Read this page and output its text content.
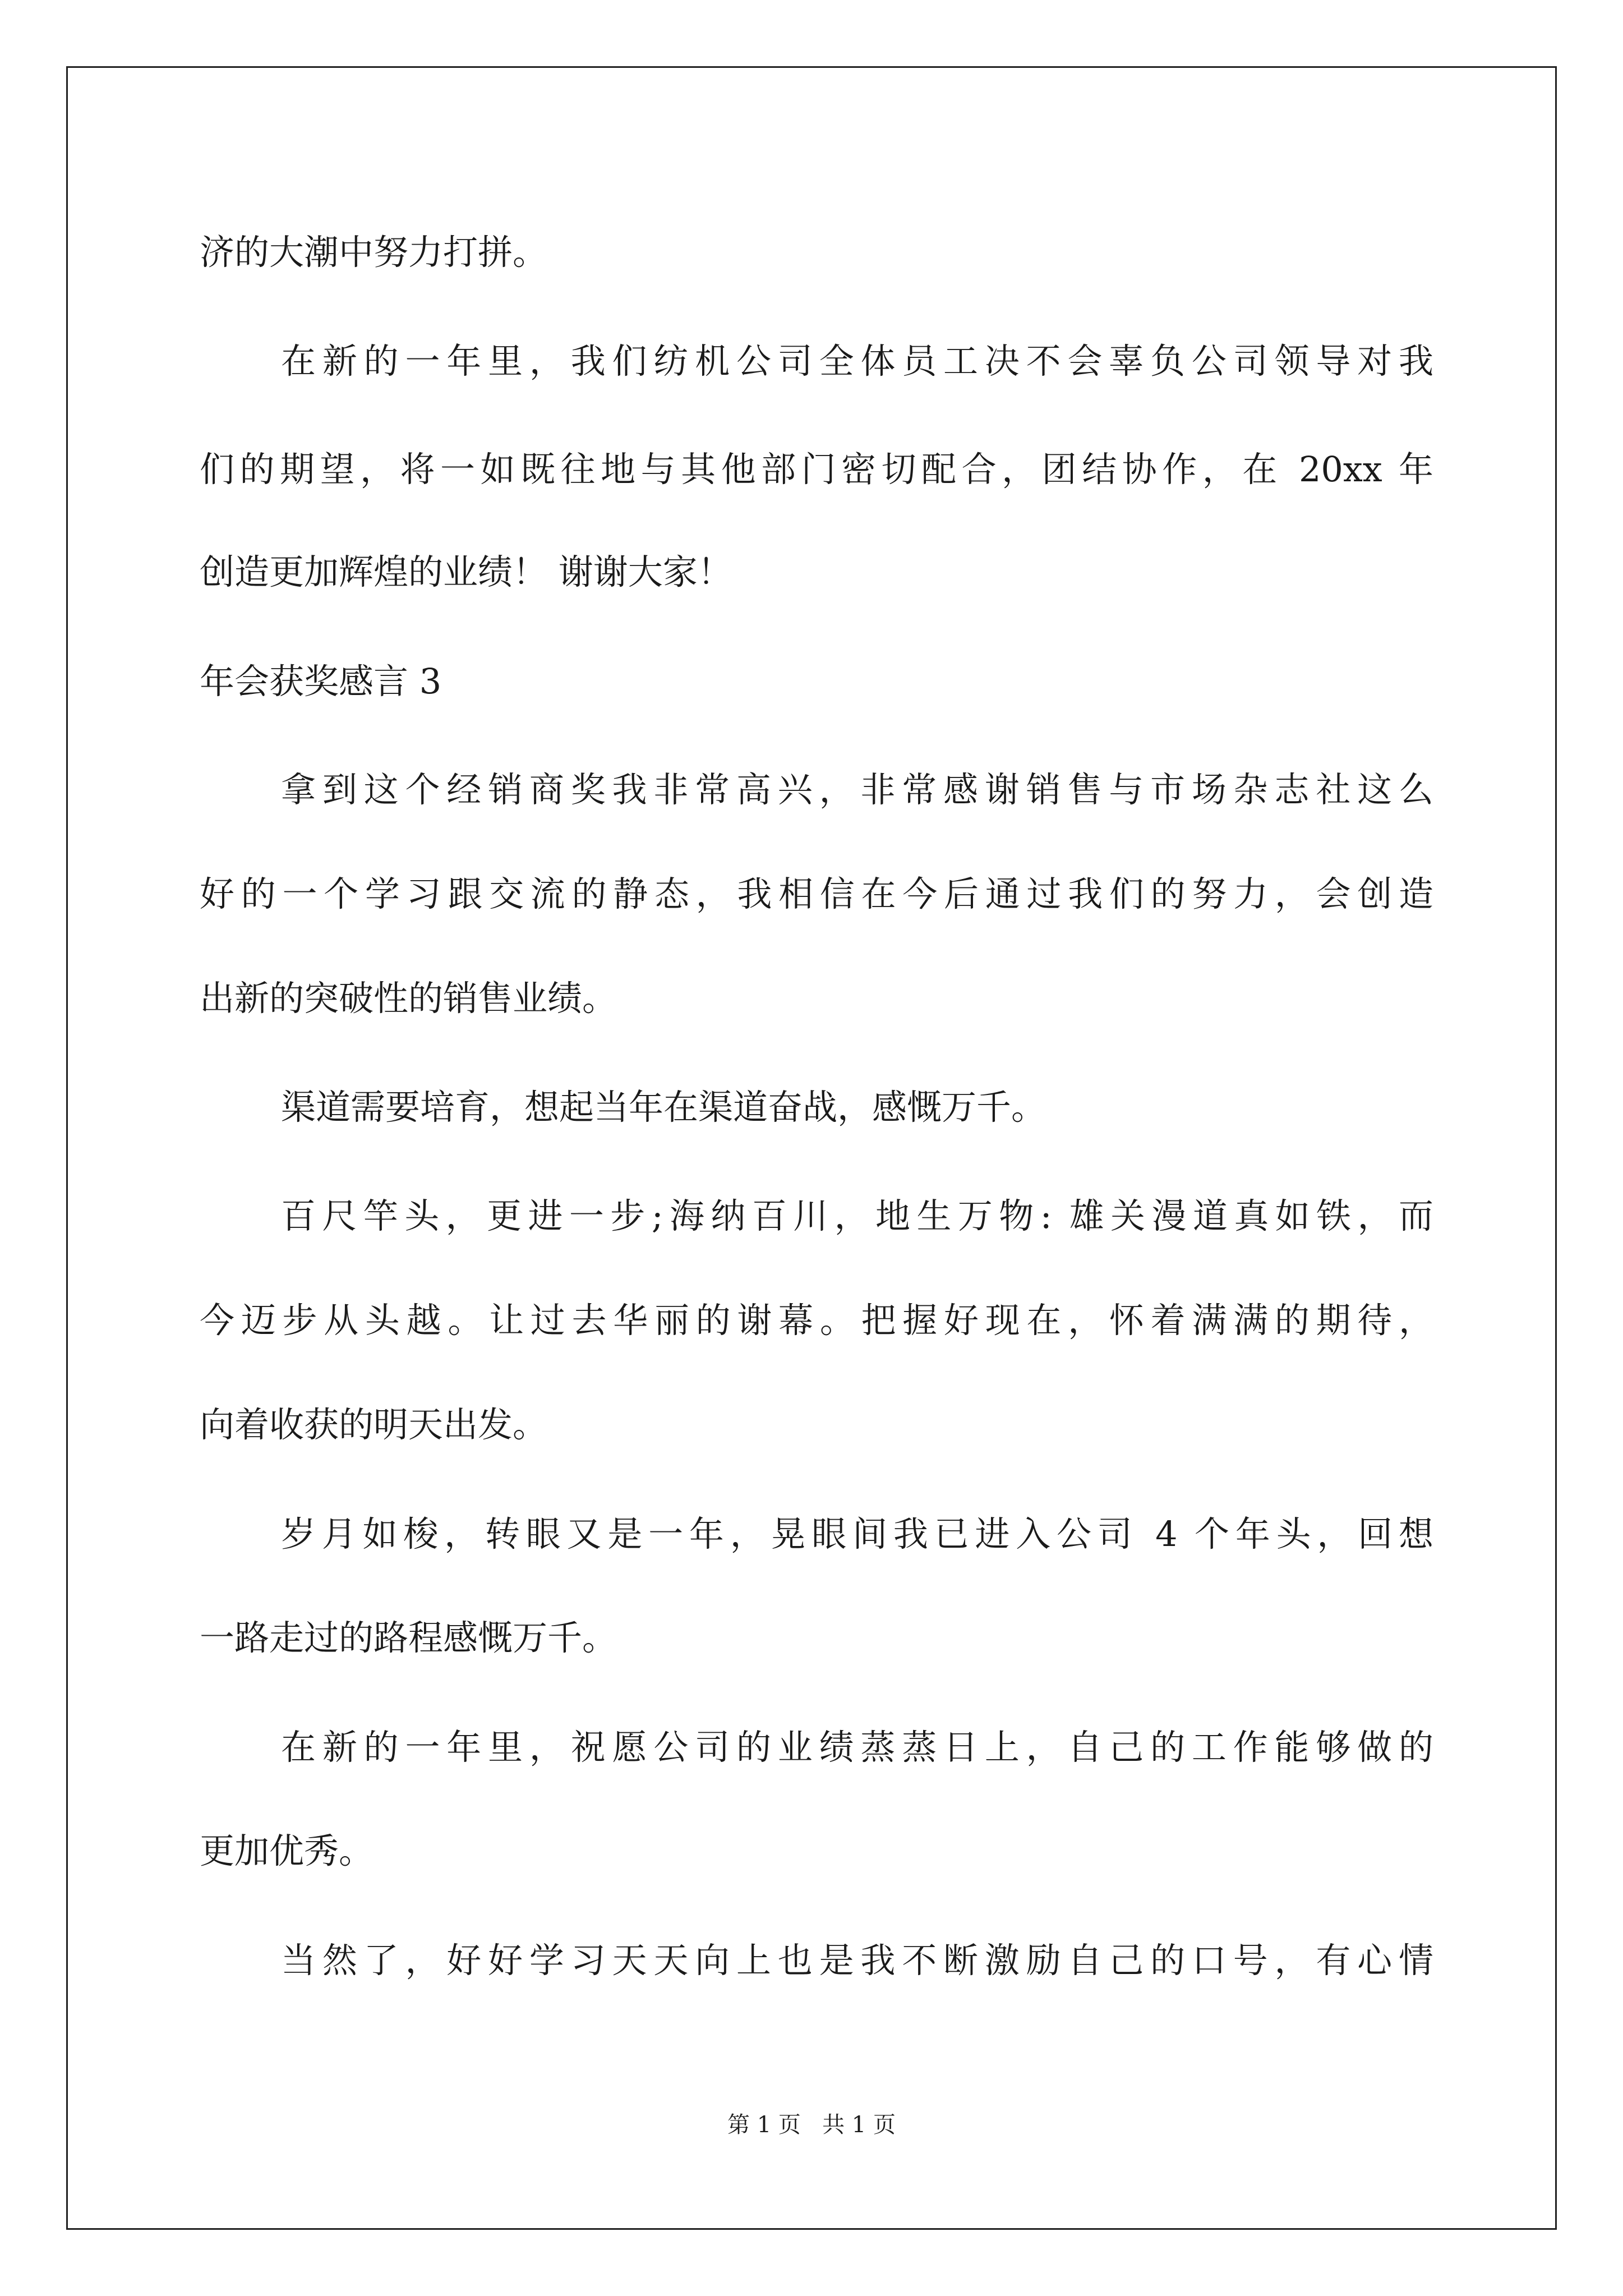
济的大潮中努力打拼。
在新的一年里，我们纺机公司全体员工决不会辜负公司领导对我
们的期望，将一如既往地与其他部门密切配合，团结协作，在 20xx 年
创造更加辉煌的业绩！ 谢谢大家！
年会获奖感言 3
拿到这个经销商奖我非常高兴，非常感谢销售与市场杂志社这么
好的一个学习跟交流的静态，我相信在今后通过我们的努力，会创造
出新的突破性的销售业绩。
渠道需要培育，想起当年在渠道奋战，感慨万千。
百尺竿头，更进一步;海纳百川，地生万物: 雄关漫道真如铁，而
今迈步从头越。让过去华丽的谢幕。把握好现在，怀着满满的期待，
向着收获的明天出发。
岁月如梭，转眼又是一年，晃眼间我已进入公司 4 个年头，回想
一路走过的路程感慨万千。
在新的一年里，祝愿公司的业绩蒸蒸日上，自己的工作能够做的
更加优秀。
当然了，好好学习天天向上也是我不断激励自己的口号，有心情
第 1 页   共 1 页
